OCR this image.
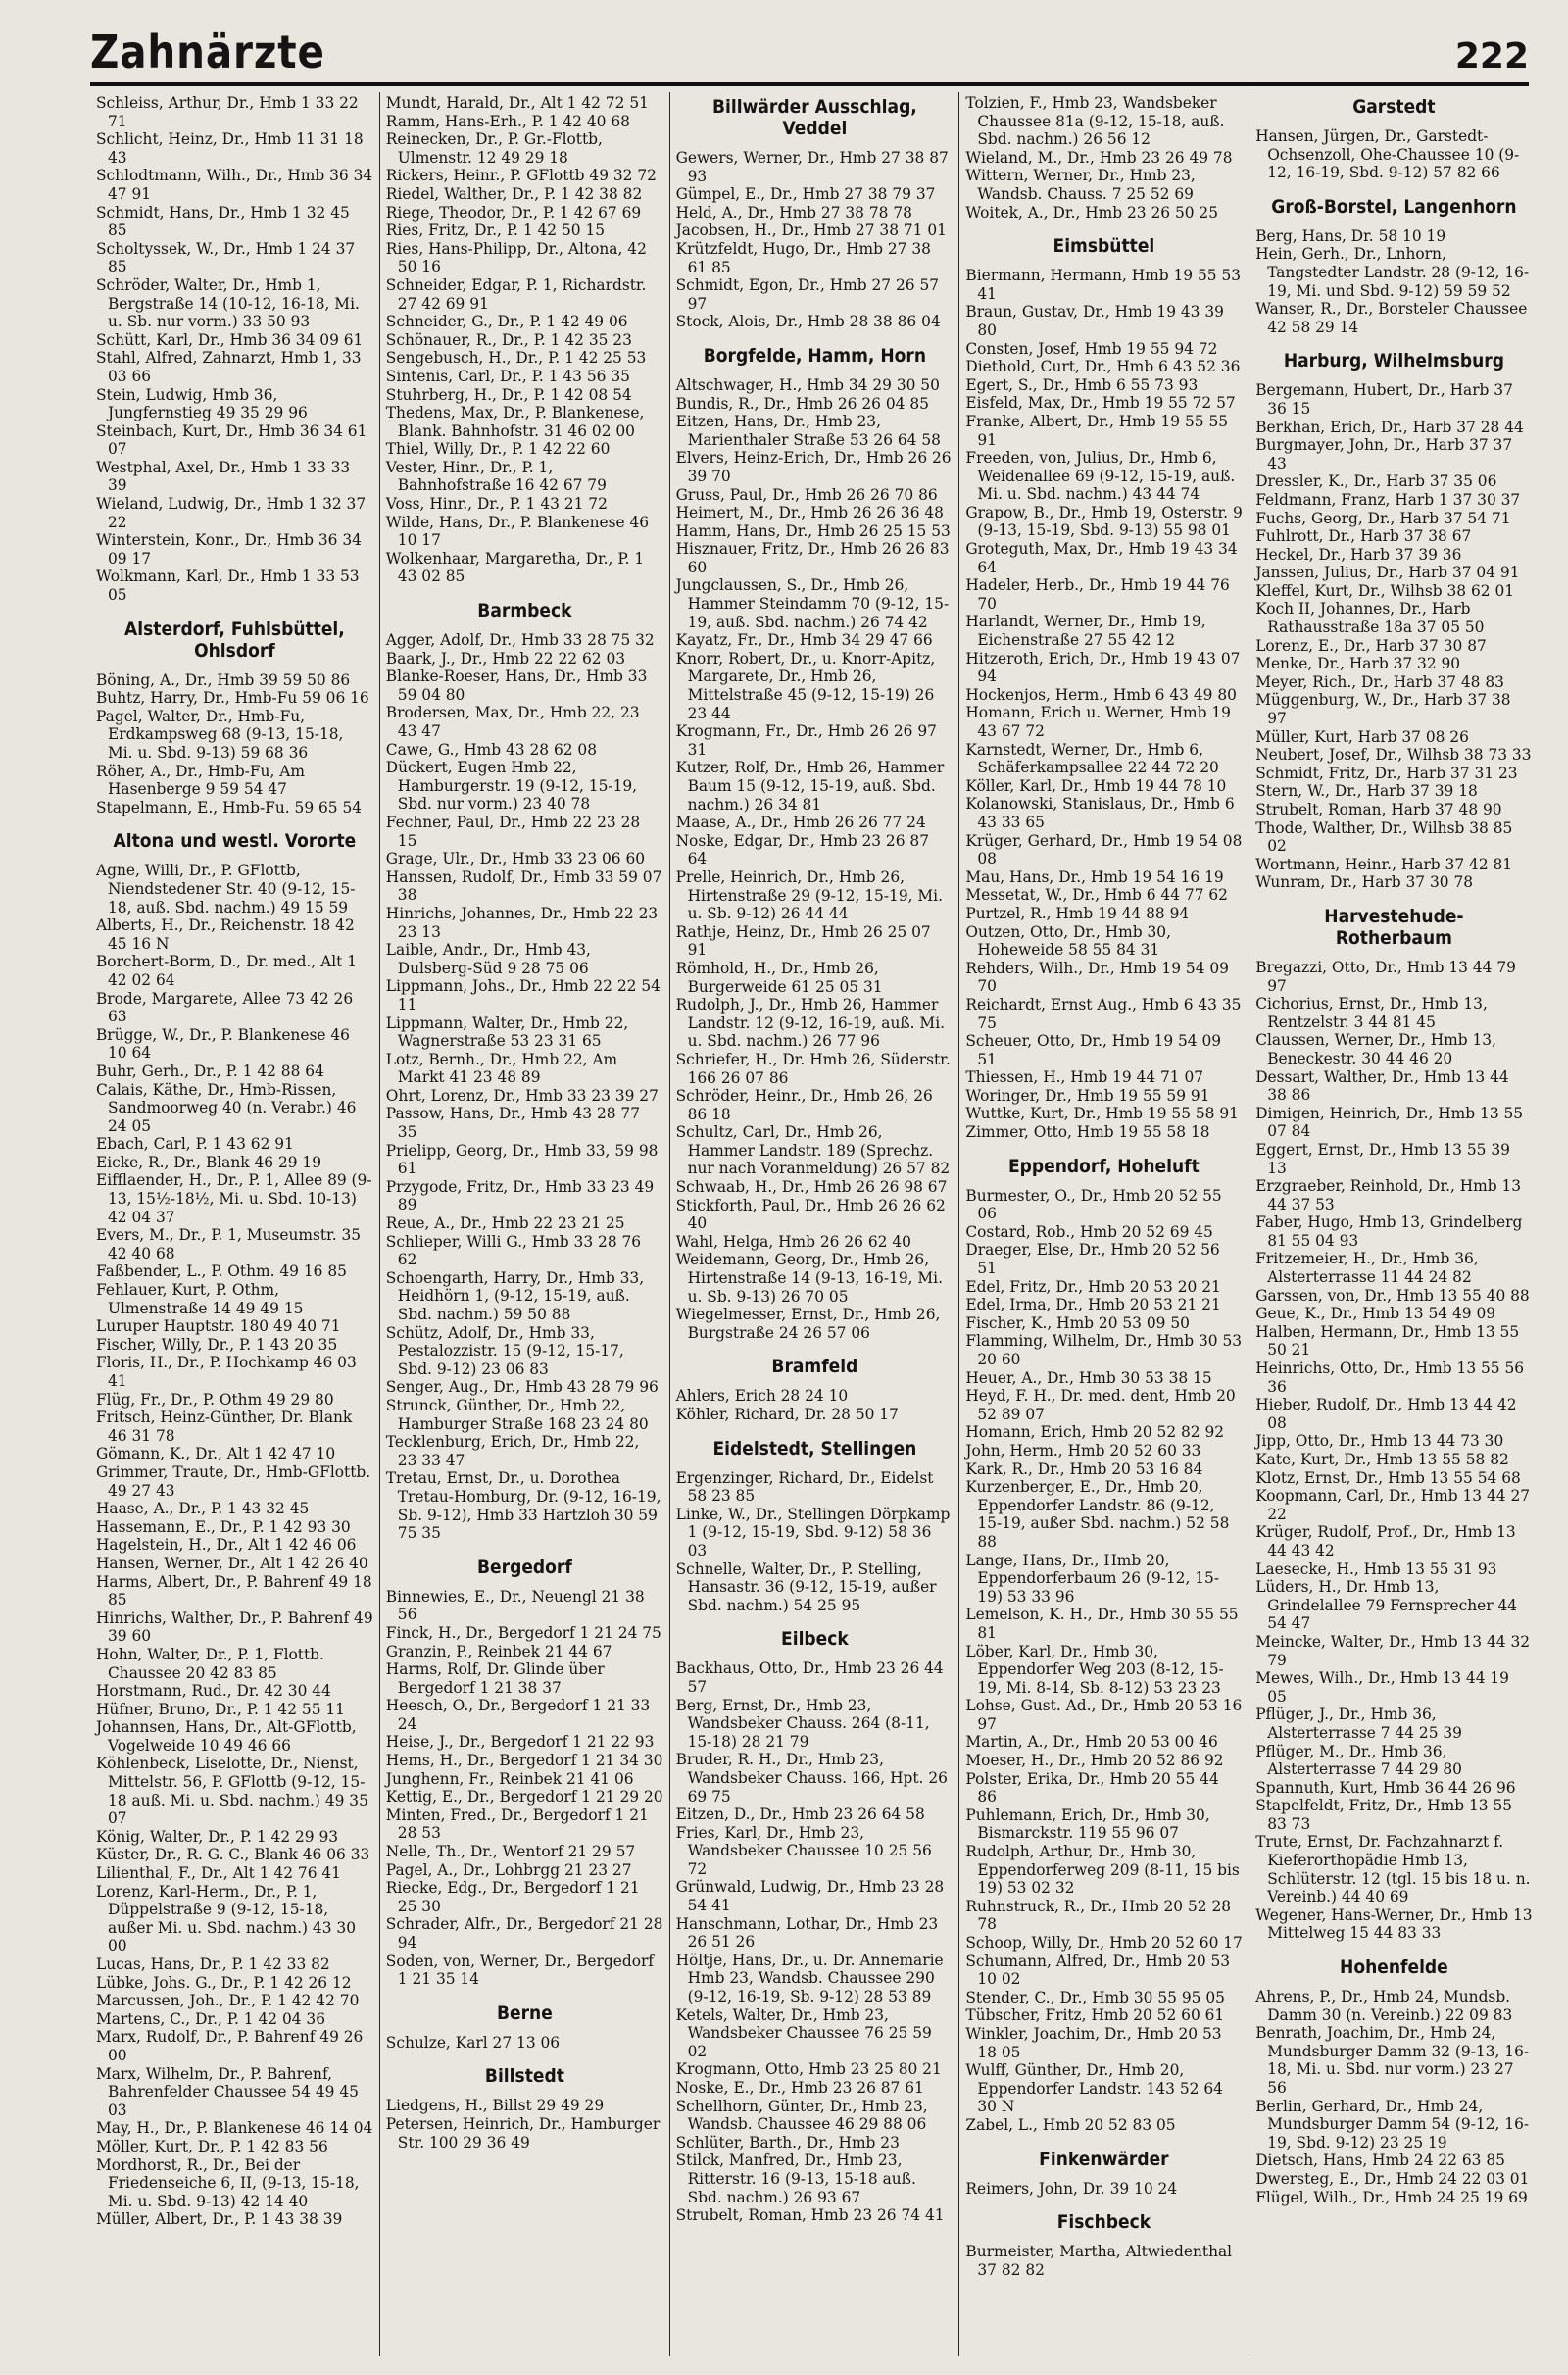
Zahnärzte	222
Schleiss, Arthur, Dr., Hmb 1 33 22 71
Schlicht, Heinz, Dr., Hmb 11 31 18 43
Schlodtmann, Wilh., Dr., Hmb 36 34 47 91
Schmidt, Hans, Dr., Hmb 1 32 45 85
Scholtyssek, W., Dr., Hmb 1 24 37 85
Schröder, Walter, Dr., Hmb 1, Bergstraße 14 (10-12, 16-18, Mi. u. Sb. nur vorm.) 33 50 93
Schütt, Karl, Dr., Hmb 36 34 09 61
Stahl, Alfred, Zahnarzt, Hmb 1, 33 03 66
Stein, Ludwig, Hmb 36, Jungfernstieg 49 35 29 96
Steinbach, Kurt, Dr., Hmb 36 34 61 07
Westphal, Axel, Dr., Hmb 1 33 33 39
Wieland, Ludwig, Dr., Hmb 1 32 37 22
Winterstein, Konr., Dr., Hmb 36 34 09 17
Wolkmann, Karl, Dr., Hmb 1 33 53 05
Alsterdorf, Fuhlsbüttel, Ohlsdorf
Böning, A., Dr., Hmb 39 59 50 86
Buhtz, Harry, Dr., Hmb-Fu 59 06 16
Pagel, Walter, Dr., Hmb-Fu, Erdkampsweg 68 (9-13, 15-18, Mi. u. Sbd. 9-13) 59 68 36
Röher, A., Dr., Hmb-Fu, Am Hasenberge 9 59 54 47
Stapelmann, E., Hmb-Fu. 59 65 54
Altona und westl. Vororte
Agne, Willi, Dr., P. GFlottb, Niendstedener Str. 40 (9-12, 15-18, auß. Sbd. nachm.) 49 15 59
Alberts, H., Dr., Reichenstr. 18 42 45 16 N
Borchert-Borm, D., Dr. med., Alt 1 42 02 64
Brode, Margarete, Allee 73 42 26 63
Brügge, W., Dr., P. Blankenese 46 10 64
Buhr, Gerh., Dr., P. 1 42 88 64
Calais, Käthe, Dr., Hmb-Rissen, Sandmoorweg 40 (n. Verabr.) 46 24 05
Ebach, Carl, P. 1 43 62 91
Eicke, R., Dr., Blank 46 29 19
Eifflaender, H., Dr., P. 1, Allee 89 (9-13, 15½-18½, Mi. u. Sbd. 10-13) 42 04 37
Evers, M., Dr., P. 1, Museumstr. 35 42 40 68
Faßbender, L., P. Othm. 49 16 85
Fehlauer, Kurt, P. Othm, Ulmenstraße 14 49 49 15
Luruper Hauptstr. 180 49 40 71
Fischer, Willy, Dr., P. 1 43 20 35
Floris, H., Dr., P. Hochkamp 46 03 41
Flüg, Fr., Dr., P. Othm 49 29 80
Fritsch, Heinz-Günther, Dr. Blank 46 31 78
Gömann, K., Dr., Alt 1 42 47 10
Grimmer, Traute, Dr., Hmb-GFlottb. 49 27 43
Haase, A., Dr., P. 1 43 32 45
Hassemann, E., Dr., P. 1 42 93 30
Hagelstein, H., Dr., Alt 1 42 46 06
Hansen, Werner, Dr., Alt 1 42 26 40
Harms, Albert, Dr., P. Bahrenf 49 18 85
Hinrichs, Walther, Dr., P. Bahrenf 49 39 60
Hohn, Walter, Dr., P. 1, Flottb. Chaussee 20 42 83 85
Horstmann, Rud., Dr. 42 30 44
Hüfner, Bruno, Dr., P. 1 42 55 11
Johannsen, Hans, Dr., Alt-GFlottb, Vogelweide 10 49 46 66
Köhlenbeck, Liselotte, Dr., Nienst, Mittelstr. 56, P. GFlottb (9-12, 15-18 auß. Mi. u. Sbd. nachm.) 49 35 07
König, Walter, Dr., P. 1 42 29 93
Küster, Dr., R. G. C., Blank 46 06 33
Lilienthal, F., Dr., Alt 1 42 76 41
Lorenz, Karl-Herm., Dr., P. 1, Düppelstraße 9 (9-12, 15-18, außer Mi. u. Sbd. nachm.) 43 30 00
Lucas, Hans, Dr., P. 1 42 33 82
Lübke, Johs. G., Dr., P. 1 42 26 12
Marcussen, Joh., Dr., P. 1 42 42 70
Martens, C., Dr., P. 1 42 04 36
Marx, Rudolf, Dr., P. Bahrenf 49 26 00
Marx, Wilhelm, Dr., P. Bahrenf, Bahrenfelder Chaussee 54 49 45 03
May, H., Dr., P. Blankenese 46 14 04
Möller, Kurt, Dr., P. 1 42 83 56
Mordhorst, R., Dr., Bei der Friedenseiche 6, II, (9-13, 15-18, Mi. u. Sbd. 9-13) 42 14 40
Müller, Albert, Dr., P. 1 43 38 39
Mundt, Harald, Dr., Alt 1 42 72 51
Ramm, Hans-Erh., P. 1 42 40 68
Reinecken, Dr., P. Gr.-Flottb, Ulmenstr. 12 49 29 18
Rickers, Heinr., P. GFlottb 49 32 72
Riedel, Walther, Dr., P. 1 42 38 82
Riege, Theodor, Dr., P. 1 42 67 69
Ries, Fritz, Dr., P. 1 42 50 15
Ries, Hans-Philipp, Dr., Altona, 42 50 16
Schneider, Edgar, P. 1, Richardstr. 27 42 69 91
Schneider, G., Dr., P. 1 42 49 06
Schönauer, R., Dr., P. 1 42 35 23
Sengebusch, H., Dr., P. 1 42 25 53
Sintenis, Carl, Dr., P. 1 43 56 35
Stuhrberg, H., Dr., P. 1 42 08 54
Thedens, Max, Dr., P. Blankenese, Blank. Bahnhofstr. 31 46 02 00
Thiel, Willy, Dr., P. 1 42 22 60
Vester, Hinr., Dr., P. 1, Bahnhofstraße 16 42 67 79
Voss, Hinr., Dr., P. 1 43 21 72
Wilde, Hans, Dr., P. Blankenese 46 10 17
Wolkenhaar, Margaretha, Dr., P. 1 43 02 85
Barmbeck
Agger, Adolf, Dr., Hmb 33 28 75 32
Baark, J., Dr., Hmb 22 22 62 03
Blanke-Roeser, Hans, Dr., Hmb 33 59 04 80
Brodersen, Max, Dr., Hmb 22, 23 43 47
Cawe, G., Hmb 43 28 62 08
Dückert, Eugen Hmb 22, Hamburgerstr. 19 (9-12, 15-19, Sbd. nur vorm.) 23 40 78
Fechner, Paul, Dr., Hmb 22 23 28 15
Grage, Ulr., Dr., Hmb 33 23 06 60
Hanssen, Rudolf, Dr., Hmb 33 59 07 38
Hinrichs, Johannes, Dr., Hmb 22 23 23 13
Laible, Andr., Dr., Hmb 43, Dulsberg-Süd 9 28 75 06
Lippmann, Johs., Dr., Hmb 22 22 54 11
Lippmann, Walter, Dr., Hmb 22, Wagnerstraße 53 23 31 65
Lotz, Bernh., Dr., Hmb 22, Am Markt 41 23 48 89
Ohrt, Lorenz, Dr., Hmb 33 23 39 27
Passow, Hans, Dr., Hmb 43 28 77 35
Prielipp, Georg, Dr., Hmb 33, 59 98 61
Przygode, Fritz, Dr., Hmb 33 23 49 89
Reue, A., Dr., Hmb 22 23 21 25
Schlieper, Willi G., Hmb 33 28 76 62
Schoengarth, Harry, Dr., Hmb 33, Heidhörn 1, (9-12, 15-19, auß. Sbd. nachm.) 59 50 88
Schütz, Adolf, Dr., Hmb 33, Pestalozzistr. 15 (9-12, 15-17, Sbd. 9-12) 23 06 83
Senger, Aug., Dr., Hmb 43 28 79 96
Strunck, Günther, Dr., Hmb 22, Hamburger Straße 168 23 24 80
Tecklenburg, Erich, Dr., Hmb 22, 23 33 47
Tretau, Ernst, Dr., u. Dorothea Tretau-Homburg, Dr. (9-12, 16-19, Sb. 9-12), Hmb 33 Hartzloh 30 59 75 35
Bergedorf
Binnewies, E., Dr., Neuengl 21 38 56
Finck, H., Dr., Bergedorf 1 21 24 75
Granzin, P., Reinbek 21 44 67
Harms, Rolf, Dr. Glinde über Bergedorf 1 21 38 37
Heesch, O., Dr., Bergedorf 1 21 33 24
Heise, J., Dr., Bergedorf 1 21 22 93
Hems, H., Dr., Bergedorf 1 21 34 30
Junghenn, Fr., Reinbek 21 41 06
Kettig, E., Dr., Bergedorf 1 21 29 20
Minten, Fred., Dr., Bergedorf 1 21 28 53
Nelle, Th., Dr., Wentorf 21 29 57
Pagel, A., Dr., Lohbrgg 21 23 27
Riecke, Edg., Dr., Bergedorf 1 21 25 30
Schrader, Alfr., Dr., Bergedorf 21 28 94
Soden, von, Werner, Dr., Bergedorf 1 21 35 14
Berne
Schulze, Karl 27 13 06
Billstedt
Liedgens, H., Billst 29 49 29
Petersen, Heinrich, Dr., Hamburger Str. 100 29 36 49
Billwärder Ausschlag, Veddel
Gewers, Werner, Dr., Hmb 27 38 87 93
Gümpel, E., Dr., Hmb 27 38 79 37
Held, A., Dr., Hmb 27 38 78 78
Jacobsen, H., Dr., Hmb 27 38 71 01
Krützfeldt, Hugo, Dr., Hmb 27 38 61 85
Schmidt, Egon, Dr., Hmb 27 26 57 97
Stock, Alois, Dr., Hmb 28 38 86 04
Borgfelde, Hamm, Horn
Altschwager, H., Hmb 34 29 30 50
Bundis, R., Dr., Hmb 26 26 04 85
Eitzen, Hans, Dr., Hmb 23, Marienthaler Straße 53 26 64 58
Elvers, Heinz-Erich, Dr., Hmb 26 26 39 70
Gruss, Paul, Dr., Hmb 26 26 70 86
Heimert, M., Dr., Hmb 26 26 36 48
Hamm, Hans, Dr., Hmb 26 25 15 53
Hisznauer, Fritz, Dr., Hmb 26 26 83 60
Jungclaussen, S., Dr., Hmb 26, Hammer Steindamm 70 (9-12, 15-19, auß. Sbd. nachm.) 26 74 42
Kayatz, Fr., Dr., Hmb 34 29 47 66
Knorr, Robert, Dr., u. Knorr-Apitz, Margarete, Dr., Hmb 26, Mittelstraße 45 (9-12, 15-19) 26 23 44
Krogmann, Fr., Dr., Hmb 26 26 97 31
Kutzer, Rolf, Dr., Hmb 26, Hammer Baum 15 (9-12, 15-19, auß. Sbd. nachm.) 26 34 81
Maase, A., Dr., Hmb 26 26 77 24
Noske, Edgar, Dr., Hmb 23 26 87 64
Prelle, Heinrich, Dr., Hmb 26, Hirtenstraße 29 (9-12, 15-19, Mi. u. Sb. 9-12) 26 44 44
Rathje, Heinz, Dr., Hmb 26 25 07 91
Römhold, H., Dr., Hmb 26, Burgerweide 61 25 05 31
Rudolph, J., Dr., Hmb 26, Hammer Landstr. 12 (9-12, 16-19, auß. Mi. u. Sbd. nachm.) 26 77 96
Schriefer, H., Dr. Hmb 26, Süderstr. 166 26 07 86
Schröder, Heinr., Dr., Hmb 26, 26 86 18
Schultz, Carl, Dr., Hmb 26, Hammer Landstr. 189 (Sprechz. nur nach Voranmeldung) 26 57 82
Schwaab, H., Dr., Hmb 26 26 98 67
Stickforth, Paul, Dr., Hmb 26 26 62 40
Wahl, Helga, Hmb 26 26 62 40
Weidemann, Georg, Dr., Hmb 26, Hirtenstraße 14 (9-13, 16-19, Mi. u. Sb. 9-13) 26 70 05
Wiegelmesser, Ernst, Dr., Hmb 26, Burgstraße 24 26 57 06
Bramfeld
Ahlers, Erich 28 24 10
Köhler, Richard, Dr. 28 50 17
Eidelstedt, Stellingen
Ergenzinger, Richard, Dr., Eidelst 58 23 85
Linke, W., Dr., Stellingen Dörpkamp 1 (9-12, 15-19, Sbd. 9-12) 58 36 03
Schnelle, Walter, Dr., P. Stelling, Hansastr. 36 (9-12, 15-19, außer Sbd. nachm.) 54 25 95
Eilbeck
Backhaus, Otto, Dr., Hmb 23 26 44 57
Berg, Ernst, Dr., Hmb 23, Wandsbeker Chauss. 264 (8-11, 15-18) 28 21 79
Bruder, R. H., Dr., Hmb 23, Wandsbeker Chauss. 166, Hpt. 26 69 75
Eitzen, D., Dr., Hmb 23 26 64 58
Fries, Karl, Dr., Hmb 23, Wandsbeker Chaussee 10 25 56 72
Grünwald, Ludwig, Dr., Hmb 23 28 54 41
Hanschmann, Lothar, Dr., Hmb 23 26 51 26
Höltje, Hans, Dr., u. Dr. Annemarie Hmb 23, Wandsb. Chaussee 290 (9-12, 16-19, Sb. 9-12) 28 53 89
Ketels, Walter, Dr., Hmb 23, Wandsbeker Chaussee 76 25 59 02
Krogmann, Otto, Hmb 23 25 80 21
Noske, E., Dr., Hmb 23 26 87 61
Schellhorn, Günter, Dr., Hmb 23, Wandsb. Chaussee 46 29 88 06
Schlüter, Barth., Dr., Hmb 23
Stilck, Manfred, Dr., Hmb 23, Ritterstr. 16 (9-13, 15-18 auß. Sbd. nachm.) 26 93 67
Strubelt, Roman, Hmb 23 26 74 41
Tolzien, F., Hmb 23, Wandsbeker Chaussee 81a (9-12, 15-18, auß. Sbd. nachm.) 26 56 12
Wieland, M., Dr., Hmb 23 26 49 78
Wittern, Werner, Dr., Hmb 23, Wandsb. Chauss. 7 25 52 69
Woitek, A., Dr., Hmb 23 26 50 25
Eimsbüttel
Biermann, Hermann, Hmb 19 55 53 41
Braun, Gustav, Dr., Hmb 19 43 39 80
Consten, Josef, Hmb 19 55 94 72
Diethold, Curt, Dr., Hmb 6 43 52 36
Egert, S., Dr., Hmb 6 55 73 93
Eisfeld, Max, Dr., Hmb 19 55 72 57
Franke, Albert, Dr., Hmb 19 55 55 91
Freeden, von, Julius, Dr., Hmb 6, Weidenallee 69 (9-12, 15-19, auß. Mi. u. Sbd. nachm.) 43 44 74
Grapow, B., Dr., Hmb 19, Osterstr. 9 (9-13, 15-19, Sbd. 9-13) 55 98 01
Groteguth, Max, Dr., Hmb 19 43 34 64
Hadeler, Herb., Dr., Hmb 19 44 76 70
Harlandt, Werner, Dr., Hmb 19, Eichenstraße 27 55 42 12
Hitzeroth, Erich, Dr., Hmb 19 43 07 94
Hockenjos, Herm., Hmb 6 43 49 80
Homann, Erich u. Werner, Hmb 19 43 67 72
Karnstedt, Werner, Dr., Hmb 6, Schäferkampsallee 22 44 72 20
Köller, Karl, Dr., Hmb 19 44 78 10
Kolanowski, Stanislaus, Dr., Hmb 6 43 33 65
Krüger, Gerhard, Dr., Hmb 19 54 08 08
Mau, Hans, Dr., Hmb 19 54 16 19
Messetat, W., Dr., Hmb 6 44 77 62
Purtzel, R., Hmb 19 44 88 94
Outzen, Otto, Dr., Hmb 30, Hoheweide 58 55 84 31
Rehders, Wilh., Dr., Hmb 19 54 09 70
Reichardt, Ernst Aug., Hmb 6 43 35 75
Scheuer, Otto, Dr., Hmb 19 54 09 51
Thiessen, H., Hmb 19 44 71 07
Woringer, Dr., Hmb 19 55 59 91
Wuttke, Kurt, Dr., Hmb 19 55 58 91
Zimmer, Otto, Hmb 19 55 58 18
Eppendorf, Hoheluft
Burmester, O., Dr., Hmb 20 52 55 06
Costard, Rob., Hmb 20 52 69 45
Draeger, Else, Dr., Hmb 20 52 56 51
Edel, Fritz, Dr., Hmb 20 53 20 21
Edel, Irma, Dr., Hmb 20 53 21 21
Fischer, K., Hmb 20 53 09 50
Flamming, Wilhelm, Dr., Hmb 30 53 20 60
Heuer, A., Dr., Hmb 30 53 38 15
Heyd, F. H., Dr. med. dent, Hmb 20 52 89 07
Homann, Erich, Hmb 20 52 82 92
John, Herm., Hmb 20 52 60 33
Kark, R., Dr., Hmb 20 53 16 84
Kurzenberger, E., Dr., Hmb 20, Eppendorfer Landstr. 86 (9-12, 15-19, außer Sbd. nachm.) 52 58 88
Lange, Hans, Dr., Hmb 20, Eppendorferbaum 26 (9-12, 15-19) 53 33 96
Lemelson, K. H., Dr., Hmb 30 55 55 81
Löber, Karl, Dr., Hmb 30, Eppendorfer Weg 203 (8-12, 15-19, Mi. 8-14, Sb. 8-12) 53 23 23
Lohse, Gust. Ad., Dr., Hmb 20 53 16 97
Martin, A., Dr., Hmb 20 53 00 46
Moeser, H., Dr., Hmb 20 52 86 92
Polster, Erika, Dr., Hmb 20 55 44 86
Puhlemann, Erich, Dr., Hmb 30, Bismarckstr. 119 55 96 07
Rudolph, Arthur, Dr., Hmb 30, Eppendorferweg 209 (8-11, 15 bis 19) 53 02 32
Ruhnstruck, R., Dr., Hmb 20 52 28 78
Schoop, Willy, Dr., Hmb 20 52 60 17
Schumann, Alfred, Dr., Hmb 20 53 10 02
Stender, C., Dr., Hmb 30 55 95 05
Tübscher, Fritz, Hmb 20 52 60 61
Winkler, Joachim, Dr., Hmb 20 53 18 05
Wulff, Günther, Dr., Hmb 20, Eppendorfer Landstr. 143 52 64 30 N
Zabel, L., Hmb 20 52 83 05
Finkenwärder
Reimers, John, Dr. 39 10 24
Fischbeck
Burmeister, Martha, Altwiedenthal 37 82 82
Garstedt
Hansen, Jürgen, Dr., Garstedt-Ochsenzoll, Ohe-Chaussee 10 (9-12, 16-19, Sbd. 9-12) 57 82 66
Groß-Borstel, Langenhorn
Berg, Hans, Dr. 58 10 19
Hein, Gerh., Dr., Lnhorn, Tangstedter Landstr. 28 (9-12, 16-19, Mi. und Sbd. 9-12) 59 59 52
Wanser, R., Dr., Borsteler Chaussee 42 58 29 14
Harburg, Wilhelmsburg
Bergemann, Hubert, Dr., Harb 37 36 15
Berkhan, Erich, Dr., Harb 37 28 44
Burgmayer, John, Dr., Harb 37 37 43
Dressler, K., Dr., Harb 37 35 06
Feldmann, Franz, Harb 1 37 30 37
Fuchs, Georg, Dr., Harb 37 54 71
Fuhlrott, Dr., Harb 37 38 67
Heckel, Dr., Harb 37 39 36
Janssen, Julius, Dr., Harb 37 04 91
Kleffel, Kurt, Dr., Wilhsb 38 62 01
Koch II, Johannes, Dr., Harb Rathausstraße 18a 37 05 50
Lorenz, E., Dr., Harb 37 30 87
Menke, Dr., Harb 37 32 90
Meyer, Rich., Dr., Harb 37 48 83
Müggenburg, W., Dr., Harb 37 38 97
Müller, Kurt, Harb 37 08 26
Neubert, Josef, Dr., Wilhsb 38 73 33
Schmidt, Fritz, Dr., Harb 37 31 23
Stern, W., Dr., Harb 37 39 18
Strubelt, Roman, Harb 37 48 90
Thode, Walther, Dr., Wilhsb 38 85 02
Wortmann, Heinr., Harb 37 42 81
Wunram, Dr., Harb 37 30 78
Harvestehude-Rotherbaum
Bregazzi, Otto, Dr., Hmb 13 44 79 97
Cichorius, Ernst, Dr., Hmb 13, Rentzelstr. 3 44 81 45
Claussen, Werner, Dr., Hmb 13, Beneckestr. 30 44 46 20
Dessart, Walther, Dr., Hmb 13 44 38 86
Dimigen, Heinrich, Dr., Hmb 13 55 07 84
Eggert, Ernst, Dr., Hmb 13 55 39 13
Erzgraeber, Reinhold, Dr., Hmb 13 44 37 53
Faber, Hugo, Hmb 13, Grindelberg 81 55 04 93
Fritzemeier, H., Dr., Hmb 36, Alsterterrasse 11 44 24 82
Garssen, von, Dr., Hmb 13 55 40 88
Geue, K., Dr., Hmb 13 54 49 09
Halben, Hermann, Dr., Hmb 13 55 50 21
Heinrichs, Otto, Dr., Hmb 13 55 56 36
Hieber, Rudolf, Dr., Hmb 13 44 42 08
Jipp, Otto, Dr., Hmb 13 44 73 30
Kate, Kurt, Dr., Hmb 13 55 58 82
Klotz, Ernst, Dr., Hmb 13 55 54 68
Koopmann, Carl, Dr., Hmb 13 44 27 22
Krüger, Rudolf, Prof., Dr., Hmb 13 44 43 42
Laesecke, H., Hmb 13 55 31 93
Lüders, H., Dr. Hmb 13, Grindelallee 79 Fernsprecher 44 54 47
Meincke, Walter, Dr., Hmb 13 44 32 79
Mewes, Wilh., Dr., Hmb 13 44 19 05
Pflüger, J., Dr., Hmb 36, Alsterterrasse 7 44 25 39
Pflüger, M., Dr., Hmb 36, Alsterterrasse 7 44 29 80
Spannuth, Kurt, Hmb 36 44 26 96
Stapelfeldt, Fritz, Dr., Hmb 13 55 83 73
Trute, Ernst, Dr. Fachzahnarzt f. Kieferorthopädie Hmb 13, Schlüterstr. 12 (tgl. 15 bis 18 u. n. Vereinb.) 44 40 69
Wegener, Hans-Werner, Dr., Hmb 13 Mittelweg 15 44 83 33
Hohenfelde
Ahrens, P., Dr., Hmb 24, Mundsb. Damm 30 (n. Vereinb.) 22 09 83
Benrath, Joachim, Dr., Hmb 24, Mundsburger Damm 32 (9-13, 16-18, Mi. u. Sbd. nur vorm.) 23 27 56
Berlin, Gerhard, Dr., Hmb 24, Mundsburger Damm 54 (9-12, 16-19, Sbd. 9-12) 23 25 19
Dietsch, Hans, Hmb 24 22 63 85
Dwersteg, E., Dr., Hmb 24 22 03 01
Flügel, Wilh., Dr., Hmb 24 25 19 69
